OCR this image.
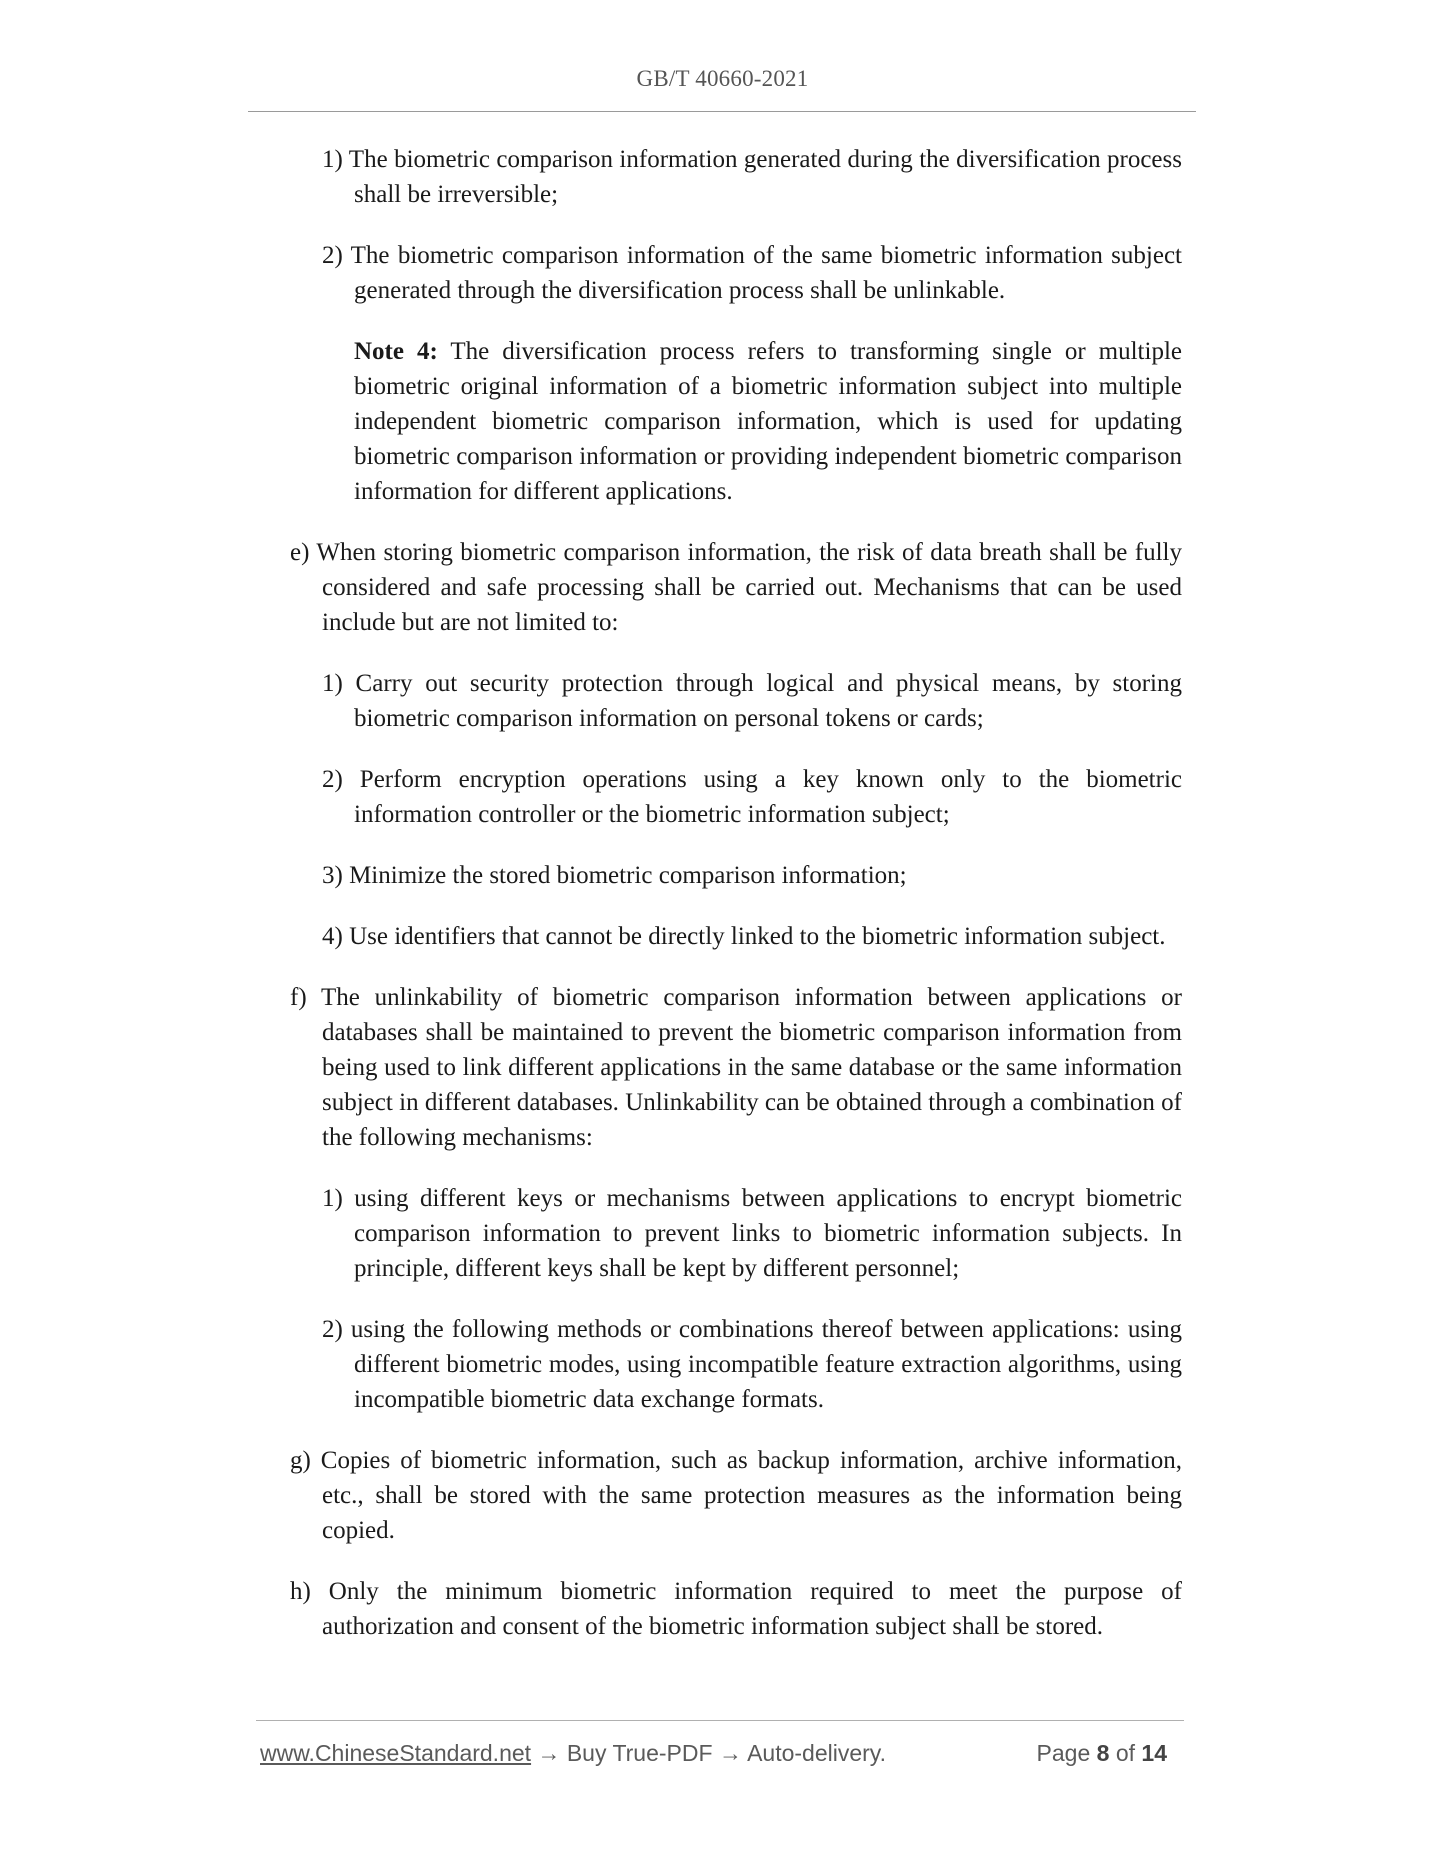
GB/T 40660-2021
1) The biometric comparison information generated during the diversification process shall be irreversible;
2) The biometric comparison information of the same biometric information subject generated through the diversification process shall be unlinkable.
Note 4: The diversification process refers to transforming single or multiple biometric original information of a biometric information subject into multiple independent biometric comparison information, which is used for updating biometric comparison information or providing independent biometric comparison information for different applications.
e) When storing biometric comparison information, the risk of data breath shall be fully considered and safe processing shall be carried out. Mechanisms that can be used include but are not limited to:
1) Carry out security protection through logical and physical means, by storing biometric comparison information on personal tokens or cards;
2) Perform encryption operations using a key known only to the biometric information controller or the biometric information subject;
3) Minimize the stored biometric comparison information;
4) Use identifiers that cannot be directly linked to the biometric information subject.
f) The unlinkability of biometric comparison information between applications or databases shall be maintained to prevent the biometric comparison information from being used to link different applications in the same database or the same information subject in different databases. Unlinkability can be obtained through a combination of the following mechanisms:
1) using different keys or mechanisms between applications to encrypt biometric comparison information to prevent links to biometric information subjects. In principle, different keys shall be kept by different personnel;
2) using the following methods or combinations thereof between applications: using different biometric modes, using incompatible feature extraction algorithms, using incompatible biometric data exchange formats.
g) Copies of biometric information, such as backup information, archive information, etc., shall be stored with the same protection measures as the information being copied.
h) Only the minimum biometric information required to meet the purpose of authorization and consent of the biometric information subject shall be stored.
www.ChineseStandard.net → Buy True-PDF → Auto-delivery.	Page 8 of 14
